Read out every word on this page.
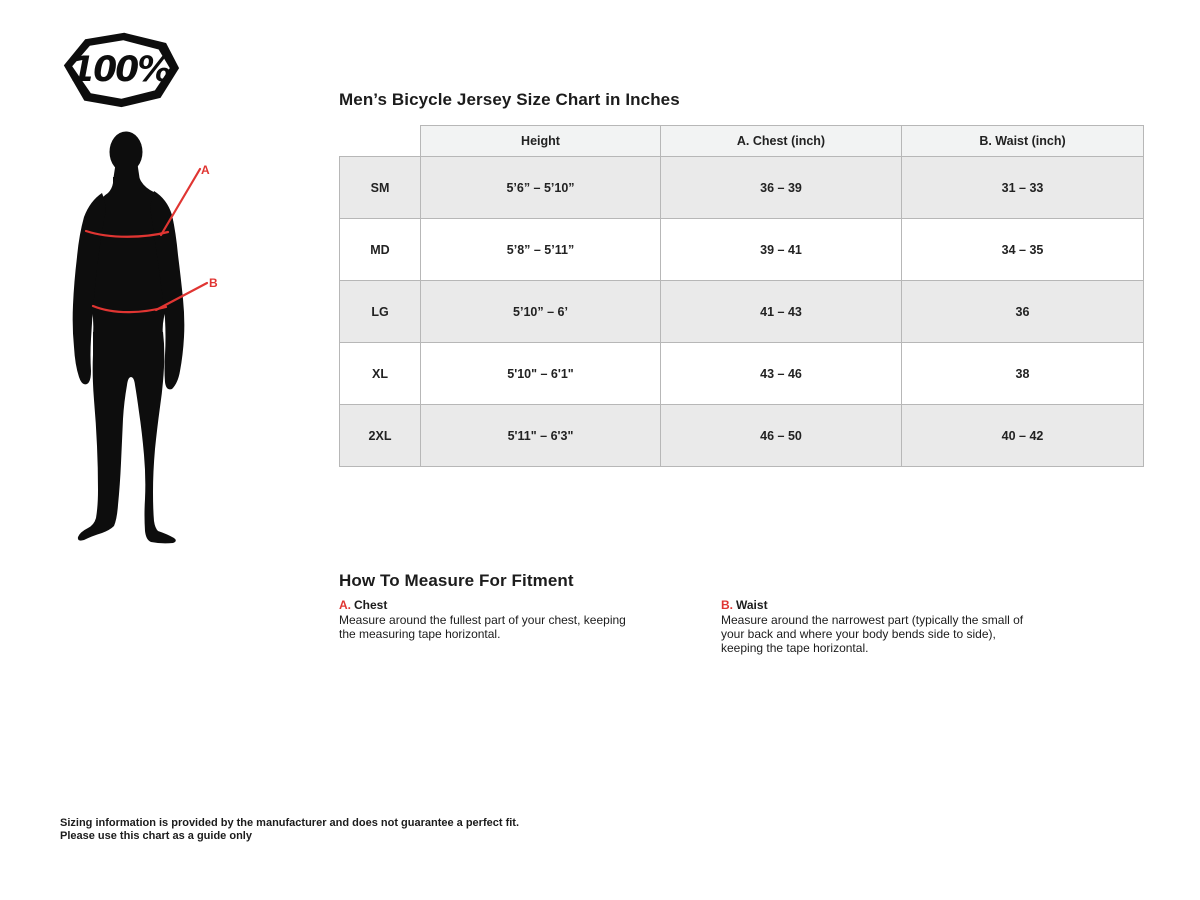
100%
Men’s Bicycle Jersey Size Chart in Inches
A
B
	Height	A. Chest (inch)	B. Waist (inch)
SM	5’6” – 5’10”	36 – 39	31 – 33
MD	5’8” – 5’11”	39 – 41	34 – 35
LG	5’10” – 6’	41 – 43	36
XL	5'10" – 6'1"	43 – 46	38
2XL	5'11" – 6'3"	46 – 50	40 – 42
How To Measure For Fitment
A. Chest

Measure around the fullest part of your chest, keeping the measuring tape horizontal.

B. Waist

Measure around the narrowest part (typically the small of your back and where your body bends side to side), keeping the tape horizontal.

Sizing information is provided by the manufacturer and does not guarantee a perfect fit.
Please use this chart as a guide only
